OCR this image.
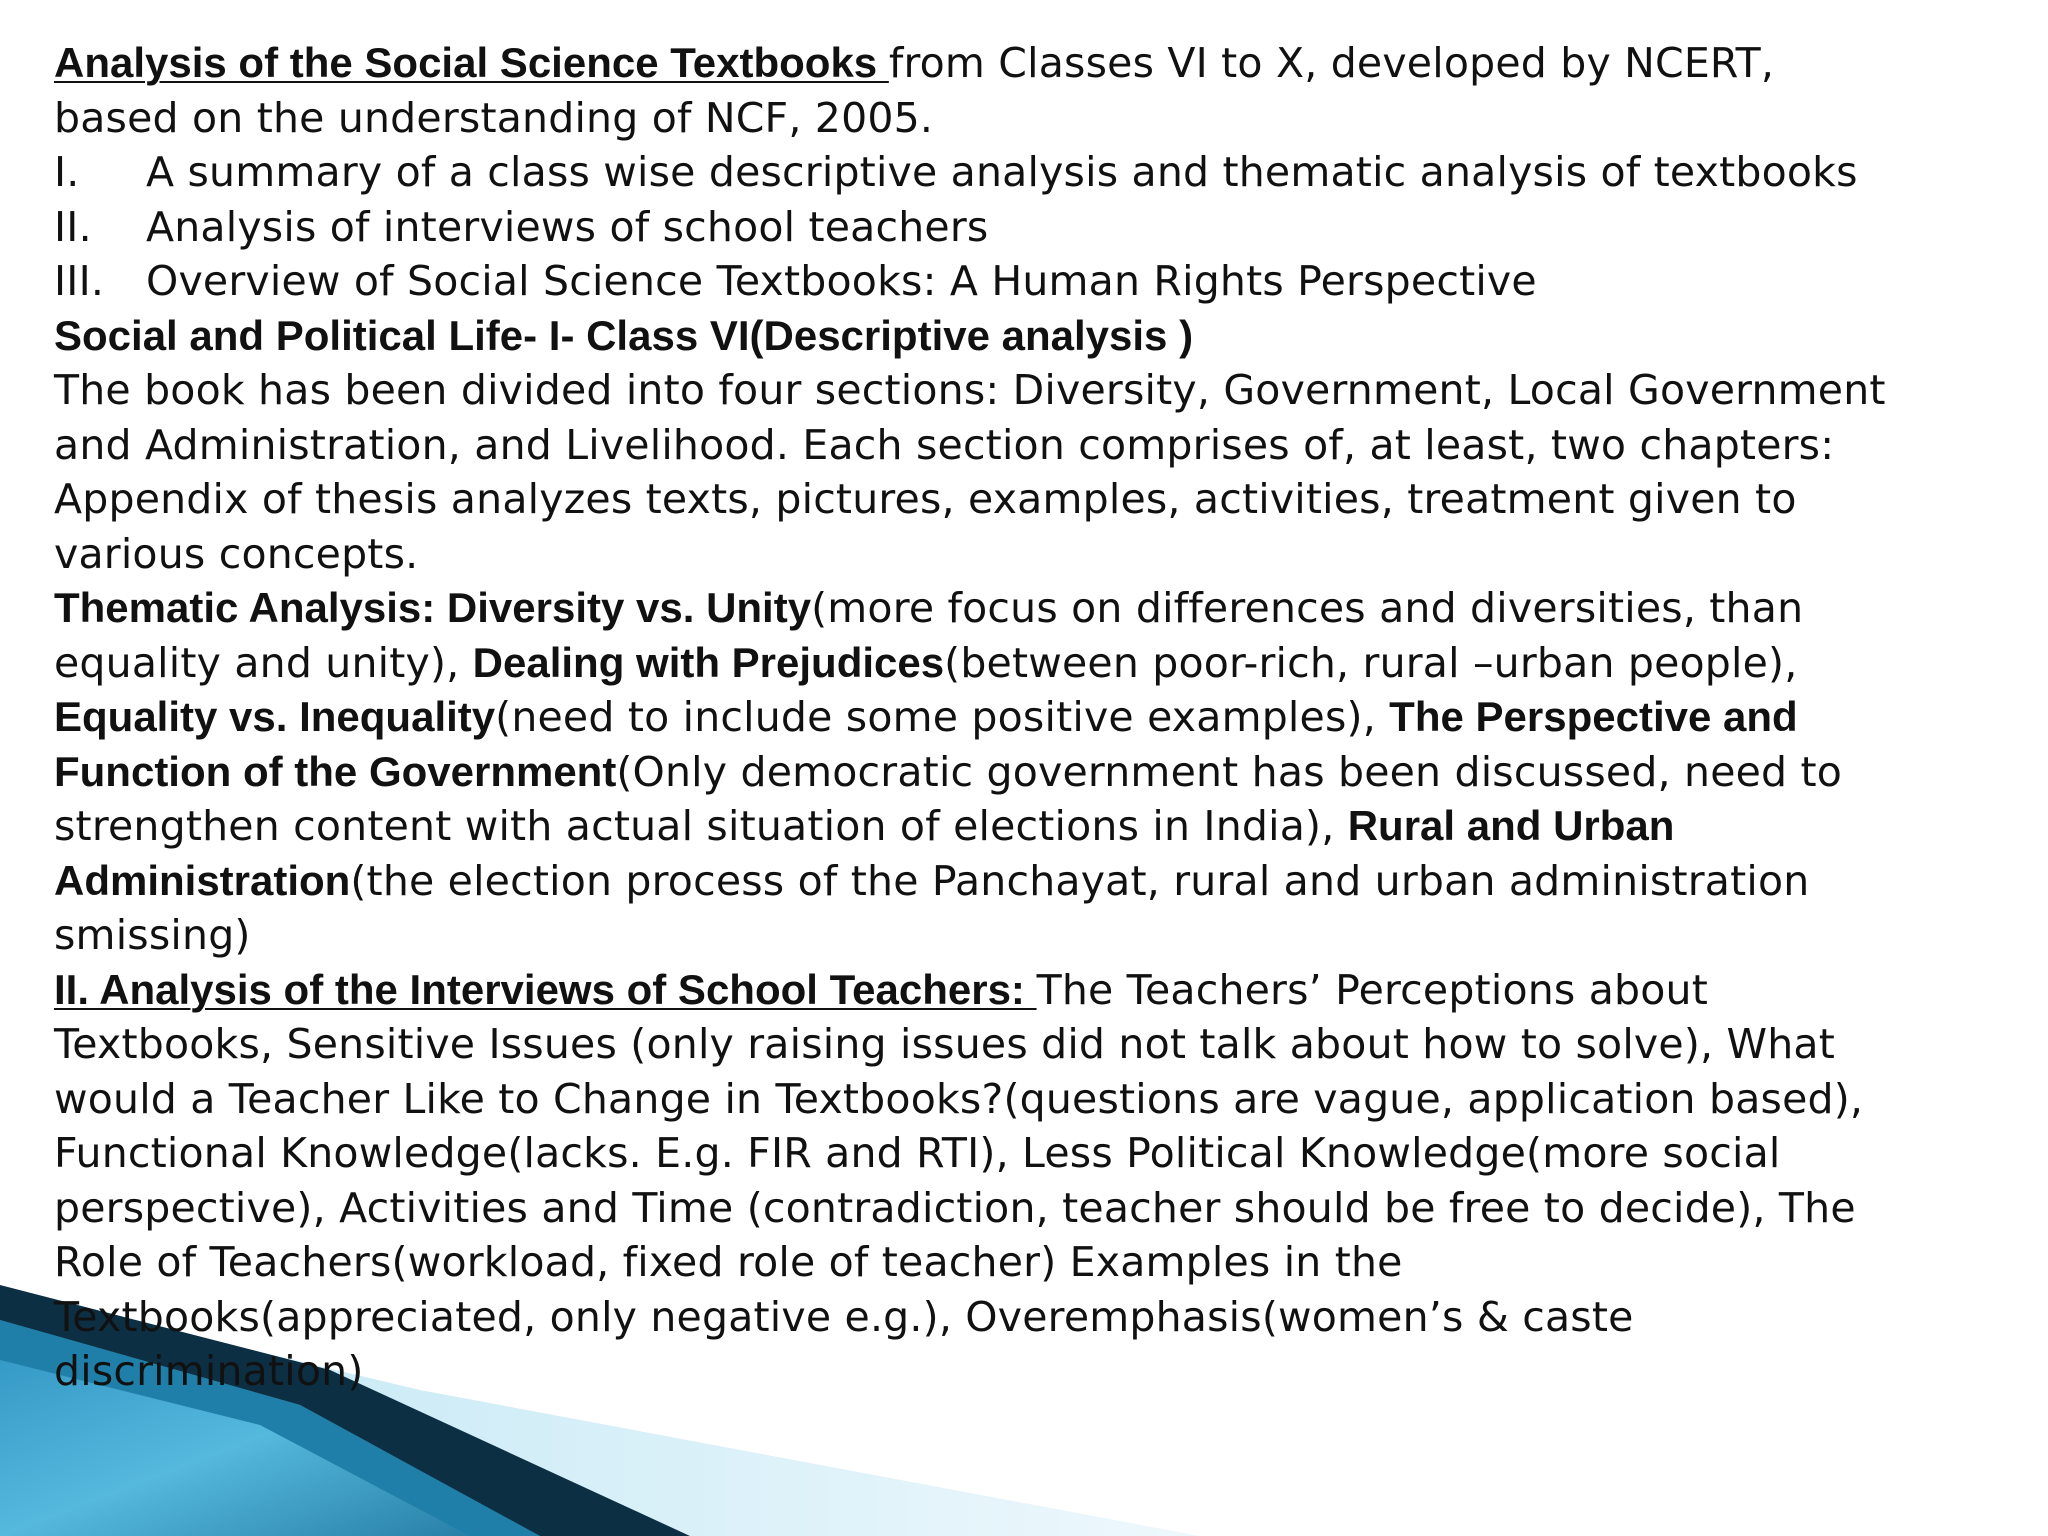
Analysis of the Social Science Textbooks from Classes VI to X, developed by NCERT,
based on the understanding of NCF, 2005.
I.	A summary of a class wise descriptive analysis and thematic analysis of textbooks
II.	Analysis of interviews of school teachers
III.	Overview of Social Science Textbooks: A Human Rights Perspective
Social and Political Life- I- Class VI(Descriptive analysis )
The book has been divided into four sections: Diversity, Government, Local Government
and Administration, and Livelihood. Each section comprises of, at least, two chapters:
Appendix of thesis analyzes texts, pictures, examples, activities, treatment given to
various concepts.
Thematic Analysis: Diversity vs. Unity(more focus on differences and diversities, than
equality and unity), Dealing with Prejudices(between poor-rich, rural –urban people),
Equality vs. Inequality(need to include some positive examples), The Perspective and
Function of the Government(Only democratic government has been discussed, need to
strengthen content with actual situation of elections in India), Rural and Urban
Administration(the election process of the Panchayat, rural and urban administration
smissing)
II. Analysis of the Interviews of School Teachers: The Teachers’ Perceptions about
Textbooks, Sensitive Issues (only raising issues did not talk about how to solve), What
would a Teacher Like to Change in Textbooks?(questions are vague, application based),
Functional Knowledge(lacks. E.g. FIR and RTI), Less Political Knowledge(more social
perspective), Activities and Time (contradiction, teacher should be free to decide), The
Role of Teachers(workload, fixed role of teacher) Examples in the
Textbooks(appreciated, only negative e.g.), Overemphasis(women’s & caste
discrimination)
